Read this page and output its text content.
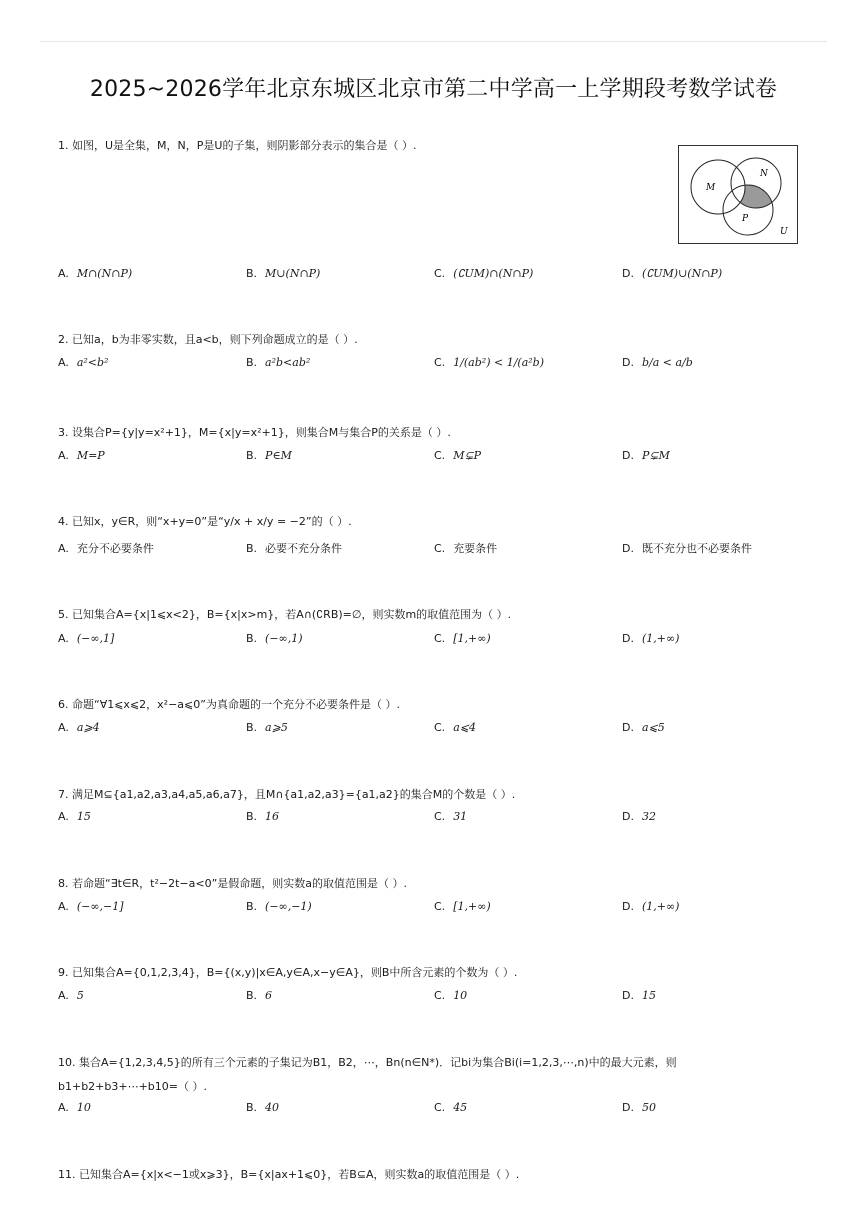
2025~2026学年北京东城区北京市第二中学高一上学期段考数学试卷
M
N
P
U
1. 如图，U是全集，M，N，P是U的子集，则阴影部分表示的集合是（ ）.
A. M∩(N∩P)	B. M∪(N∩P)	C. (∁UM)∩(N∩P)	D. (∁UM)∪(N∩P)
2. 已知a，b为非零实数，且a<b，则下列命题成立的是（ ）.
A. a²<b²	B. a²b<ab²	C. 1/(ab²) < 1/(a²b)	D. b/a < a/b
3. 设集合P={y|y=x²+1}，M={x|y=x²+1}，则集合M与集合P的关系是（ ）.
A. M=P	B. P∈M	C. M⊊P	D. P⊊M
4. 已知x，y∈R，则“x+y=0”是“y/x + x/y = −2”的（ ）.
A. 充分不必要条件	B. 必要不充分条件	C. 充要条件	D. 既不充分也不必要条件
5. 已知集合A={x|1⩽x<2}，B={x|x>m}，若A∩(∁RB)=∅，则实数m的取值范围为（ ）.
A. (−∞,1]	B. (−∞,1)	C. [1,+∞)	D. (1,+∞)
6. 命题“∀1⩽x⩽2，x²−a⩽0”为真命题的一个充分不必要条件是（ ）.
A. a⩾4	B. a⩾5	C. a⩽4	D. a⩽5
7. 满足M⊆{a1,a2,a3,a4,a5,a6,a7}，且M∩{a1,a2,a3}={a1,a2}的集合M的个数是（ ）.
A. 15	B. 16	C. 31	D. 32
8. 若命题“∃t∈R，t²−2t−a<0”是假命题，则实数a的取值范围是（ ）.
A. (−∞,−1]	B. (−∞,−1)	C. [1,+∞)	D. (1,+∞)
9. 已知集合A={0,1,2,3,4}，B={(x,y)|x∈A,y∈A,x−y∈A}，则B中所含元素的个数为（ ）.
A. 5	B. 6	C. 10	D. 15
10. 集合A={1,2,3,4,5}的所有三个元素的子集记为B1，B2，⋯，Bn(n∈N*)．记bi为集合Bi(i=1,2,3,⋯,n)中的最大元素，则
b1+b2+b3+⋯+b10=（ ）.
A. 10	B. 40	C. 45	D. 50
11. 已知集合A={x|x<−1或x⩾3}，B={x|ax+1⩽0}，若B⊆A，则实数a的取值范围是（ ）.
